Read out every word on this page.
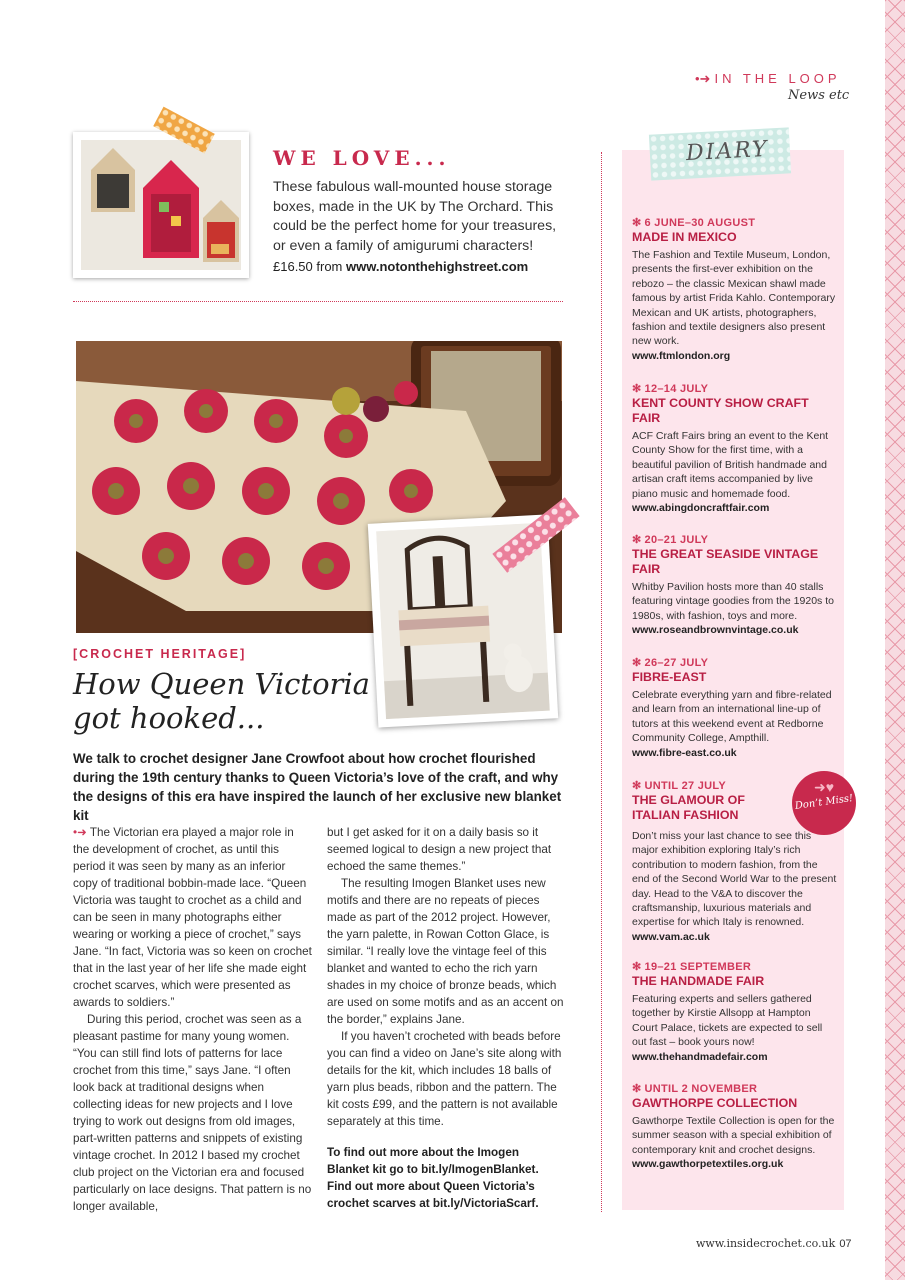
•➜ IN THE LOOP
News etc
WE LOVE...
These fabulous wall-mounted house storage boxes, made in the UK by The Orchard. This could be the perfect home for your treasures, or even a family of amigurumi characters!
£16.50 from www.notonthehighstreet.com
[CROCHET HERITAGE]
How Queen Victoria got hooked...
We talk to crochet designer Jane Crowfoot about how crochet flourished during the 19th century thanks to Queen Victoria’s love of the craft, and why the designs of this era have inspired the launch of her exclusive new blanket kit

•➜ The Victorian era played a major role in the development of crochet, as until this period it was seen by many as an inferior copy of traditional bobbin-made lace. “Queen Victoria was taught to crochet as a child and can be seen in many photographs either wearing or working a piece of crochet,” says Jane. “In fact, Victoria was so keen on crochet that in the last year of her life she made eight crochet scarves, which were presented as awards to soldiers.”

During this period, crochet was seen as a pleasant pastime for many young women. “You can still find lots of patterns for lace crochet from this time,” says Jane. “I often look back at traditional designs when collecting ideas for new projects and I love trying to work out designs from old images, part-written patterns and snippets of existing vintage crochet. In 2012 I based my crochet club project on the Victorian era and focused particularly on lace designs. That pattern is no longer available,

but I get asked for it on a daily basis so it seemed logical to design a new project that echoed the same themes.”

The resulting Imogen Blanket uses new motifs and there are no repeats of pieces made as part of the 2012 project. However, the yarn palette, in Rowan Cotton Glace, is similar. “I really love the vintage feel of this blanket and wanted to echo the rich yarn shades in my choice of bronze beads, which are used on some motifs and as an accent on the border,” explains Jane.

If you haven’t crocheted with beads before you can find a video on Jane’s site along with details for the kit, which includes 18 balls of yarn plus beads, ribbon and the pattern. The kit costs £99, and the pattern is not available separately at this time.

To find out more about the Imogen Blanket kit go to bit.ly/ImogenBlanket. Find out more about Queen Victoria’s crochet scarves at bit.ly/VictoriaScarf.

DIARY
✻ 6 JUNE–30 AUGUST
MADE IN MEXICO
The Fashion and Textile Museum, London, presents the first-ever exhibition on the rebozo – the classic Mexican shawl made famous by artist Frida Kahlo. Contemporary Mexican and UK artists, photographers, fashion and textile designers also present new work.
www.ftmlondon.org
✻ 12–14 JULY
KENT COUNTY SHOW CRAFT FAIR
ACF Craft Fairs bring an event to the Kent County Show for the first time, with a beautiful pavilion of British handmade and artisan craft items accompanied by live piano music and homemade food.
www.abingdoncraftfair.com
✻ 20–21 JULY
THE GREAT SEASIDE VINTAGE FAIR
Whitby Pavilion hosts more than 40 stalls featuring vintage goodies from the 1920s to 1980s, with fashion, toys and more.
www.roseandbrownvintage.co.uk
✻ 26–27 JULY
FIBRE-EAST
Celebrate everything yarn and fibre-related and learn from an international line-up of tutors at this weekend event at Redborne Community College, Ampthill.
www.fibre-east.co.uk
✻ UNTIL 27 JULY
THE GLAMOUR OF ITALIAN FASHION
Don’t miss your last chance to see this major exhibition exploring Italy’s rich contribution to modern fashion, from the end of the Second World War to the present day. Head to the V&A to discover the craftsmanship, luxurious materials and expertise for which Italy is renowned.
www.vam.ac.uk
➜♥
Don’t Miss!
✻ 19–21 SEPTEMBER
THE HANDMADE FAIR
Featuring experts and sellers gathered together by Kirstie Allsopp at Hampton Court Palace, tickets are expected to sell out fast – book yours now!
www.thehandmadefair.com
✻ UNTIL 2 NOVEMBER
GAWTHORPE COLLECTION
Gawthorpe Textile Collection is open for the summer season with a special exhibition of contemporary knit and crochet designs.
www.gawthorpetextiles.org.uk
www.insidecrochet.co.uk 07
